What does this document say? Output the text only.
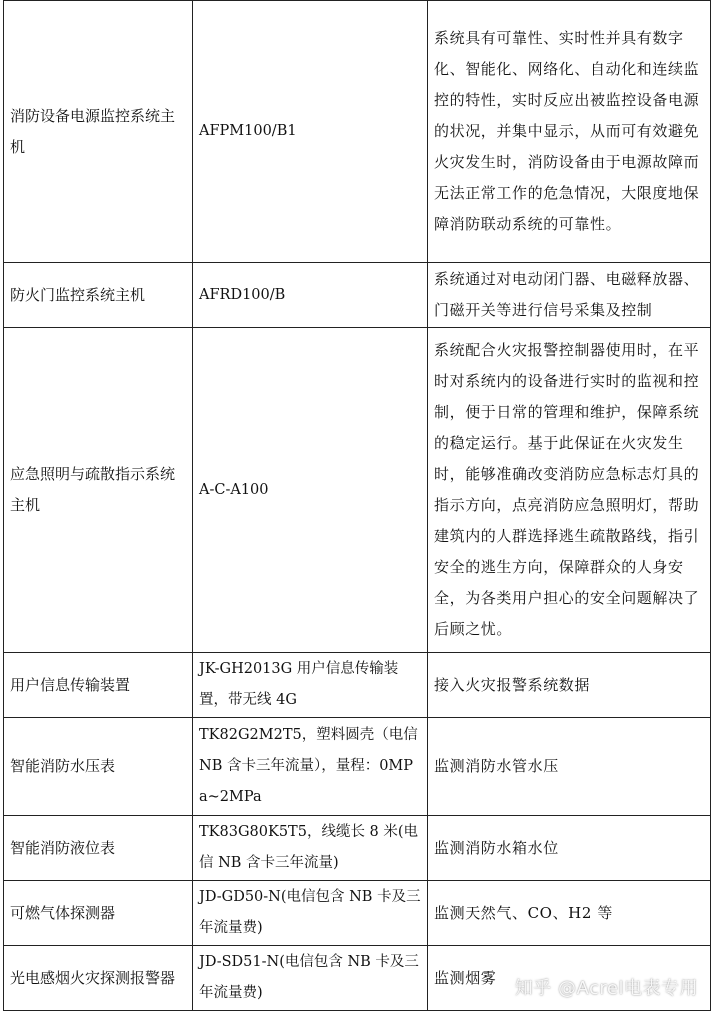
消防设备电源监控系统主机	AFPM100/B1	系统具有可靠性、实时性并具有数字化、智能化、网络化、自动化和连续监控的特性，实时反应出被监控设备电源的状况，并集中显示，从而可有效避免火灾发生时，消防设备由于电源故障而无法正常工作的危急情况，大限度地保障消防联动系统的可靠性。
防火门监控系统主机	AFRD100/B	系统通过对电动闭门器、电磁释放器、门磁开关等进行信号采集及控制
应急照明与疏散指示系统主机	A-C-A100	系统配合火灾报警控制器使用时，在平时对系统内的设备进行实时的监视和控制，便于日常的管理和维护，保障系统的稳定运行。基于此保证在火灾发生时，能够准确改变消防应急标志灯具的指示方向，点亮消防应急照明灯，帮助建筑内的人群选择逃生疏散路线，指引安全的逃生方向，保障群众的人身安全，为各类用户担心的安全问题解决了后顾之忧。
用户信息传输装置	JK-GH2013G 用户信息传输装置，带无线 4G	接入火灾报警系统数据
智能消防水压表	TK82G2M2T5，塑料圆壳（电信 NB 含卡三年流量），量程：0MPa~2MPa	监测消防水管水压
智能消防液位表	TK83G80K5T5，线缆长 8 米(电信 NB 含卡三年流量)	监测消防水箱水位
可燃气体探测器	JD-GD50-N(电信包含 NB 卡及三年流量费)	监测天然气、CO、H2 等
光电感烟火灾探测报警器	JD-SD51-N(电信包含 NB 卡及三年流量费)	监测烟雾
知乎 @Acrel电表专用
